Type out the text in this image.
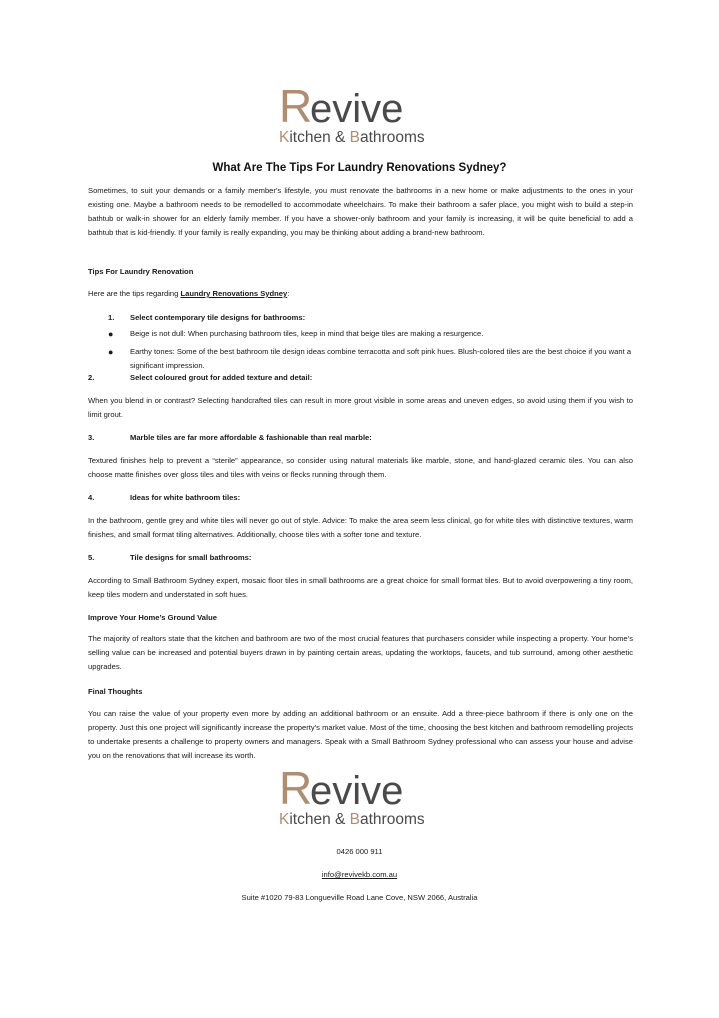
R
evive
Kitchen & Bathrooms
What Are The Tips For Laundry Renovations Sydney?

Sometimes, to suit your demands or a family member's lifestyle, you must renovate the bathrooms in a new home or make adjustments to the ones in your existing one. Maybe a bathroom needs to be remodelled to accommodate wheelchairs. To make their bathroom a safer place, you might wish to build a step-in bathtub or walk-in shower for an elderly family member. If you have a shower-only bathroom and your family is increasing, it will be quite beneficial to add a bathtub that is kid-friendly. If your family is really expanding, you may be thinking about adding a brand-new bathroom.

Tips For Laundry Renovation

Here are the tips regarding Laundry Renovations Sydney:

1. Select contemporary tile designs for bathrooms:
● Beige is not dull: When purchasing bathroom tiles, keep in mind that beige tiles are making a resurgence.
● Earthy tones: Some of the best bathroom tile design ideas combine terracotta and soft pink hues. Blush-colored tiles are the best choice if you want a significant impression.
2.	Select coloured grout for added texture and detail:

When you blend in or contrast? Selecting handcrafted tiles can result in more grout visible in some areas and uneven edges, so avoid using them if you wish to limit grout.

3.	Marble tiles are far more affordable & fashionable than real marble:

Textured finishes help to prevent a “sterile” appearance, so consider using natural materials like marble, stone, and hand-glazed ceramic tiles. You can also choose matte finishes over gloss tiles and tiles with veins or flecks running through them.

4.	Ideas for white bathroom tiles:

In the bathroom, gentle grey and white tiles will never go out of style. Advice: To make the area seem less clinical, go for white tiles with distinctive textures, warm finishes, and small format tiling alternatives. Additionally, choose tiles with a softer tone and texture.

5.	Tile designs for small bathrooms:

According to Small Bathroom Sydney expert, mosaic floor tiles in small bathrooms are a great choice for small format tiles. But to avoid overpowering a tiny room, keep tiles modern and understated in soft hues.

Improve Your Home’s Ground Value

The majority of realtors state that the kitchen and bathroom are two of the most crucial features that purchasers consider while inspecting a property. Your home’s selling value can be increased and potential buyers drawn in by painting certain areas, updating the worktops, faucets, and tub surround, among other aesthetic upgrades.

Final Thoughts

You can raise the value of your property even more by adding an additional bathroom or an ensuite. Add a three-piece bathroom if there is only one on the property. Just this one project will significantly increase the property's market value. Most of the time, choosing the best kitchen and bathroom remodelling projects to undertake presents a challenge to property owners and managers. Speak with a Small Bathroom Sydney professional who can assess your house and advise you on the renovations that will increase its worth.

R
evive
Kitchen & Bathrooms
0426 000 911
info@revivekb.com.au
Suite #1020 79-83 Longueville Road Lane Cove, NSW 2066, Australia
